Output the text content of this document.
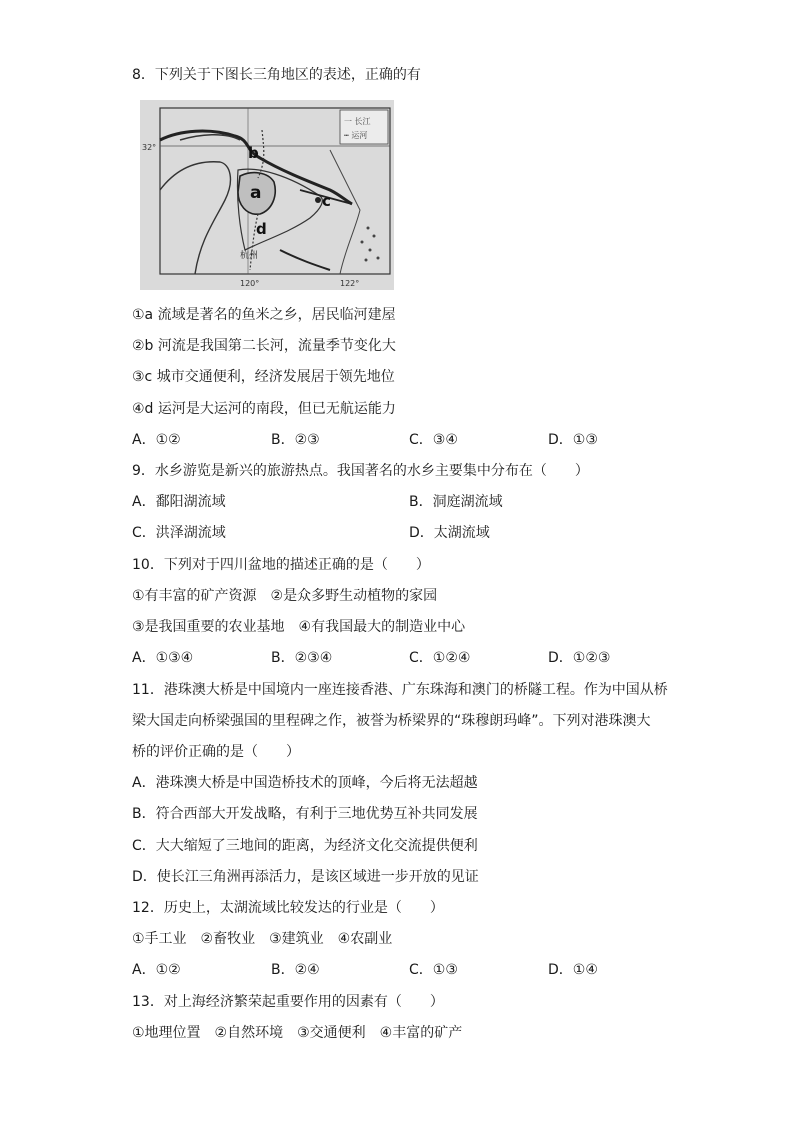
8．下列关于下图长三角地区的表述，正确的有
一 长江
┅ 运河
32°
120°	122°
b
a	c
d
杭州
①a 流域是著名的鱼米之乡，居民临河建屋
②b 河流是我国第二长河，流量季节变化大
③c 城市交通便利，经济发展居于领先地位
④d 运河是大运河的南段，但已无航运能力
A．①②	B．②③	C．③④	D．①③
9．水乡游览是新兴的旅游热点。我国著名的水乡主要集中分布在（　　）
A．鄱阳湖流域	B．洞庭湖流域
C．洪泽湖流域	D．太湖流域
10．下列对于四川盆地的描述正确的是（　　）
①有丰富的矿产资源　②是众多野生动植物的家园
③是我国重要的农业基地　④有我国最大的制造业中心
A．①③④	B．②③④	C．①②④	D．①②③
11．港珠澳大桥是中国境内一座连接香港、广东珠海和澳门的桥隧工程。作为中国从桥
梁大国走向桥梁强国的里程碑之作，被誉为桥梁界的“珠穆朗玛峰”。下列对港珠澳大
桥的评价正确的是（　　）
A．港珠澳大桥是中国造桥技术的顶峰，今后将无法超越
B．符合西部大开发战略，有利于三地优势互补共同发展
C．大大缩短了三地间的距离，为经济文化交流提供便利
D．使长江三角洲再添活力，是该区域进一步开放的见证
12．历史上，太湖流域比较发达的行业是（　　）
①手工业　②畜牧业　③建筑业　④农副业
A．①②	B．②④	C．①③	D．①④
13．对上海经济繁荣起重要作用的因素有（　　）
①地理位置　②自然环境　③交通便利　④丰富的矿产
